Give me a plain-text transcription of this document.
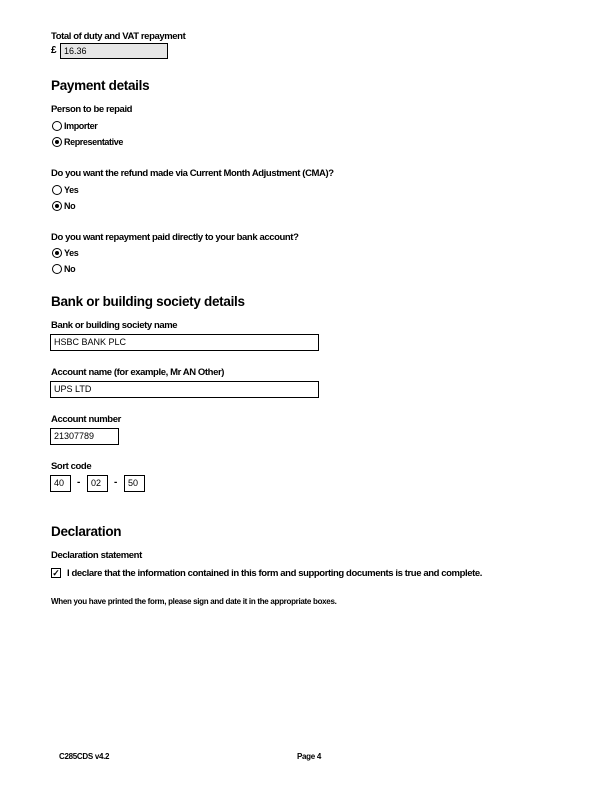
Total of duty and VAT repayment
£ 16.36
Payment details
Person to be repaid
Importer
Representative
Do you want the refund made via Current Month Adjustment (CMA)?
Yes
No
Do you want repayment paid directly to your bank account?
Yes
No
Bank or building society details
Bank or building society name
HSBC BANK PLC
Account name (for example, Mr AN Other)
UPS LTD
Account number
21307789
Sort code
40	-	02	-	50
Declaration
Declaration statement
✓ I declare that the information contained in this form and supporting documents is true and complete.
When you have printed the form, please sign and date it in the appropriate boxes.
C285CDS v4.2	Page 4
